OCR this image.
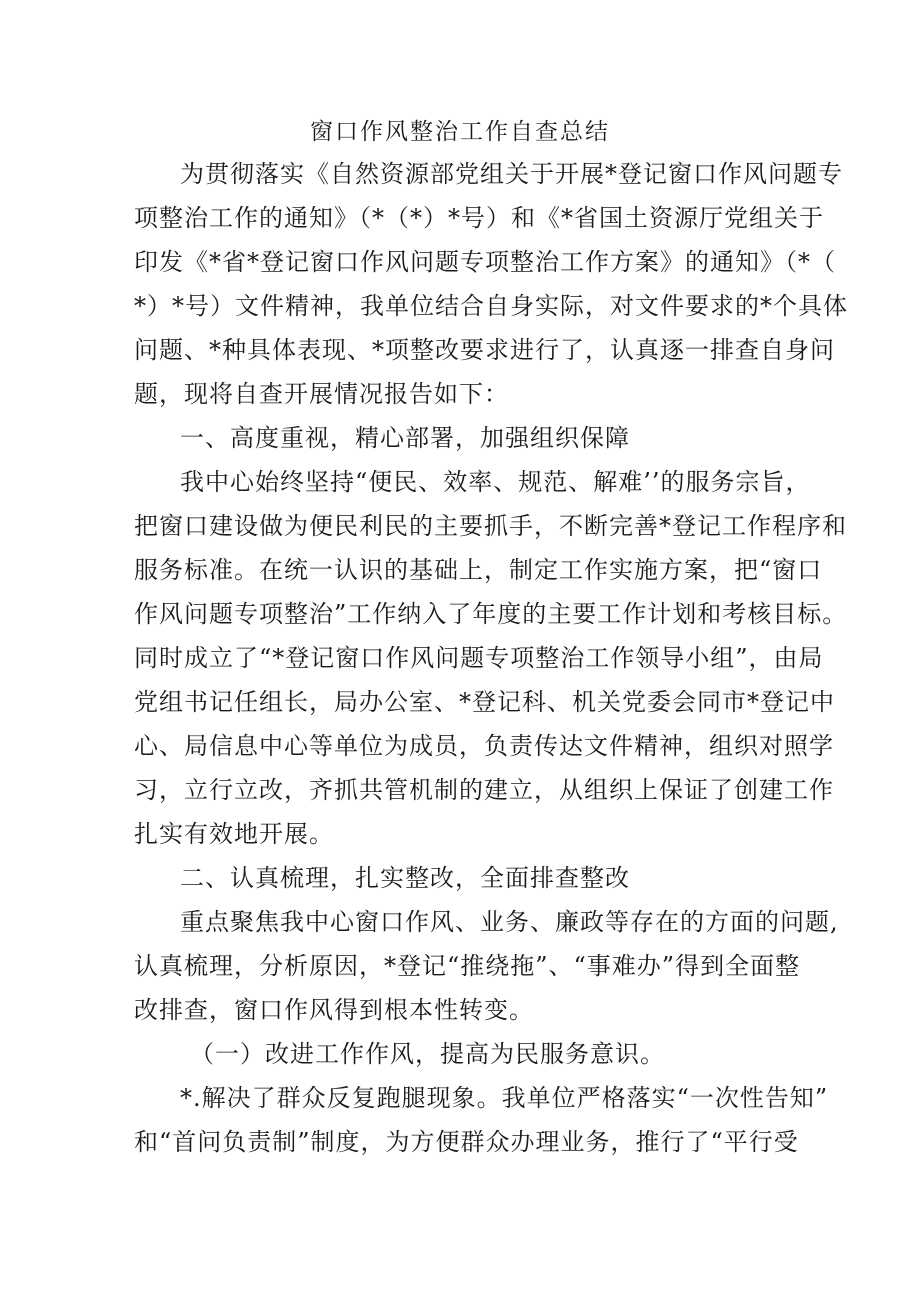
窗口作风整治工作自查总结
为贯彻落实《自然资源部党组关于开展*登记窗口作风问题专
项整治工作的通知》（*（*）*号）和《*省国土资源厅党组关于
印发《*省*登记窗口作风问题专项整治工作方案》的通知》（*（
*）*号）文件精神，我单位结合自身实际，对文件要求的*个具体
问题、*种具体表现、*项整改要求进行了，认真逐一排查自身问
题，现将自查开展情况报告如下：
一、高度重视，精心部署，加强组织保障
我中心始终坚持“便民、效率、规范、解难’’的服务宗旨，
把窗口建设做为便民利民的主要抓手，不断完善*登记工作程序和
服务标准。在统一认识的基础上，制定工作实施方案，把“窗口
作风问题专项整治”工作纳入了年度的主要工作计划和考核目标。
同时成立了“*登记窗口作风问题专项整治工作领导小组”，由局
党组书记任组长，局办公室、*登记科、机关党委会同市*登记中
心、局信息中心等单位为成员，负责传达文件精神，组织对照学
习，立行立改，齐抓共管机制的建立，从组织上保证了创建工作
扎实有效地开展。
二、认真梳理，扎实整改，全面排查整改
重点聚焦我中心窗口作风、业务、廉政等存在的方面的问题,
认真梳理，分析原因，*登记“推绕拖”、“事难办”得到全面整
改排查，窗口作风得到根本性转变。
（一）改进工作作风，提高为民服务意识。
*.解决了群众反复跑腿现象。我单位严格落实“一次性告知”
和“首问负责制”制度，为方便群众办理业务，推行了“平行受
